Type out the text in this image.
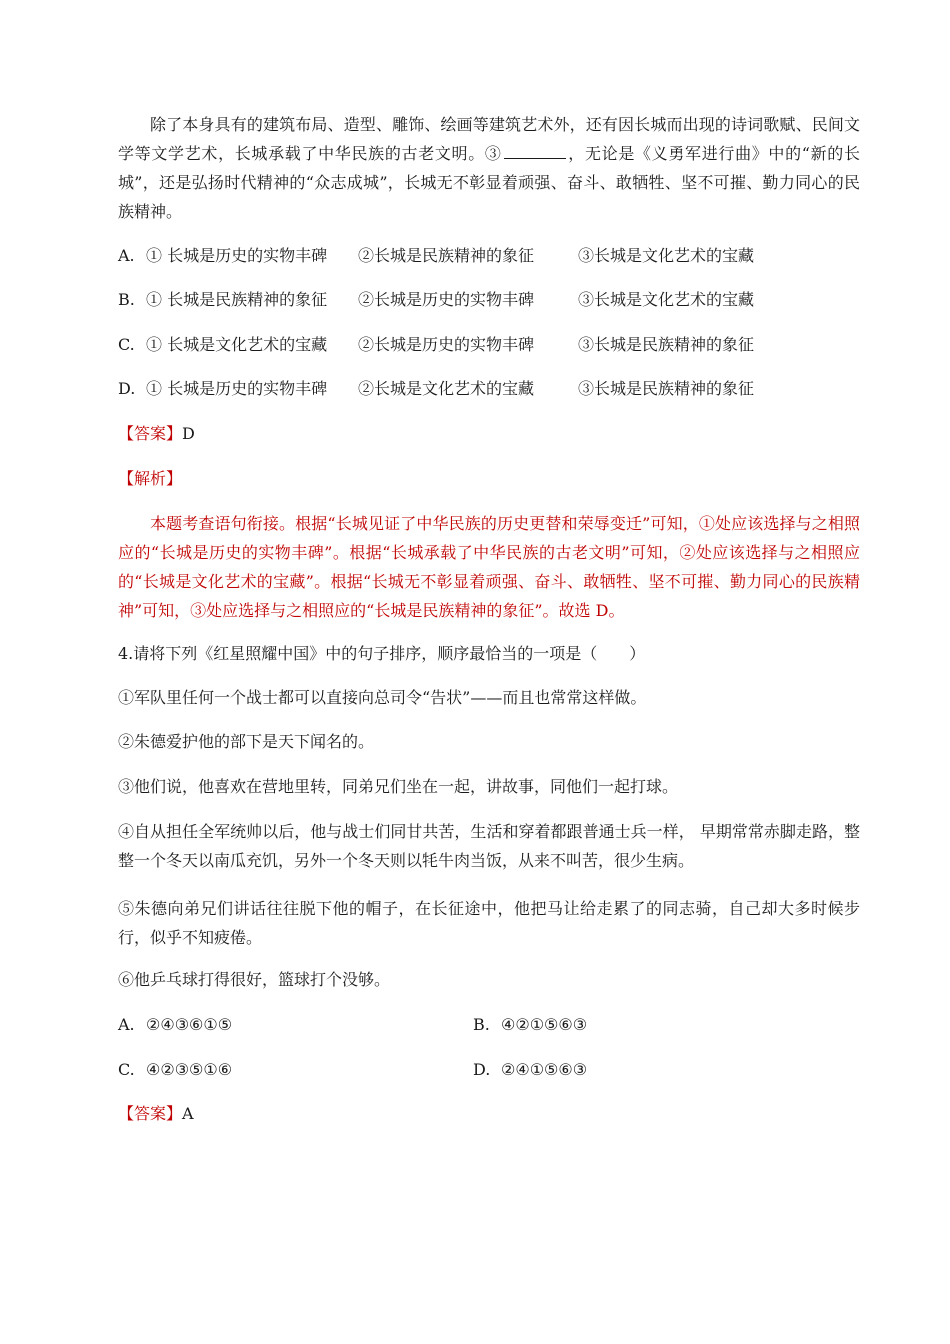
除了本身具有的建筑布局、造型、雕饰、绘画等建筑艺术外，还有因长城而出现的诗词歌赋、民间文学等文学艺术，长城承载了中华民族的古老文明。③	，无论是《义勇军进行曲》中的“新的长城”，还是弘扬时代精神的“众志成城”，长城无不彰显着顽强、奋斗、敢牺牲、坚不可摧、勤力同心的民族精神。

A. ① 长城是历史的实物丰碑 ②长城是民族精神的象征	③长城是文化艺术的宝藏
B. ① 长城是民族精神的象征 ②长城是历史的实物丰碑	③长城是文化艺术的宝藏
C. ① 长城是文化艺术的宝藏 ②长城是历史的实物丰碑	③长城是民族精神的象征
D. ① 长城是历史的实物丰碑 ②长城是文化艺术的宝藏	③长城是民族精神的象征

【答案】D

【解析】

本题考查语句衔接。根据“长城见证了中华民族的历史更替和荣辱变迁”可知，①处应该选择与之相照应的“长城是历史的实物丰碑”。根据“长城承载了中华民族的古老文明”可知，②处应该选择与之相照应的“长城是文化艺术的宝藏”。根据“长城无不彰显着顽强、奋斗、敢牺牲、坚不可摧、勤力同心的民族精神”可知，③处应选择与之相照应的“长城是民族精神的象征”。故选 D。

4.请将下列《红星照耀中国》中的句子排序，顺序最恰当的一项是（　　）

①军队里任何一个战士都可以直接向总司令“告状”——而且也常常这样做。

②朱德爱护他的部下是天下闻名的。

③他们说，他喜欢在营地里转，同弟兄们坐在一起，讲故事，同他们一起打球。

④自从担任全军统帅以后，他与战士们同甘共苦，生活和穿着都跟普通士兵一样， 早期常常赤脚走路，整整一个冬天以南瓜充饥，另外一个冬天则以牦牛肉当饭，从来不叫苦，很少生病。

⑤朱德向弟兄们讲话往往脱下他的帽子，在长征途中，他把马让给走累了的同志骑，自己却大多时候步行，似乎不知疲倦。

⑥他乒乓球打得很好，篮球打个没够。

A. ②④③⑥①⑤	B. ④②①⑤⑥③
C. ④②③⑤①⑥	D. ②④①⑤⑥③

【答案】A
